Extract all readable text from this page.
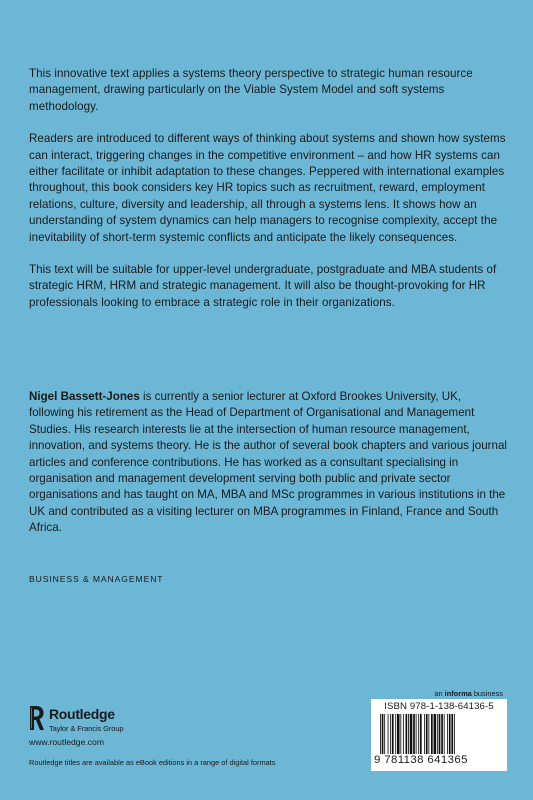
This innovative text applies a systems theory perspective to strategic human resource management, drawing particularly on the Viable System Model and soft systems methodology.

Readers are introduced to different ways of thinking about systems and shown how systems can interact, triggering changes in the competitive environment – and how HR systems can either facilitate or inhibit adaptation to these changes. Peppered with international examples throughout, this book considers key HR topics such as recruitment, reward, employment relations, culture, diversity and leadership, all through a systems lens. It shows how an understanding of system dynamics can help managers to recognise complexity, accept the inevitability of short-term systemic conflicts and anticipate the likely consequences.

This text will be suitable for upper-level undergraduate, postgraduate and MBA students of strategic HRM, HRM and strategic management. It will also be thought-provoking for HR professionals looking to embrace a strategic role in their organizations.

Nigel Bassett-Jones is currently a senior lecturer at Oxford Brookes University, UK, following his retirement as the Head of Department of Organisational and Management Studies. His research interests lie at the intersection of human resource management, innovation, and systems theory. He is the author of several book chapters and various journal articles and conference contributions. He has worked as a consultant specialising in organisation and management development serving both public and private sector organisations and has taught on MA, MBA and MSc programmes in various institutions in the UK and contributed as a visiting lecturer on MBA programmes in Finland, France and South Africa.

BUSINESS & MANAGEMENT
Routledge
Taylor & Francis Group
www.routledge.com
Routledge titles are available as eBook editions in a range of digital formats
an informa business
ISBN 978-1-138-64136-5
9 781138 641365
